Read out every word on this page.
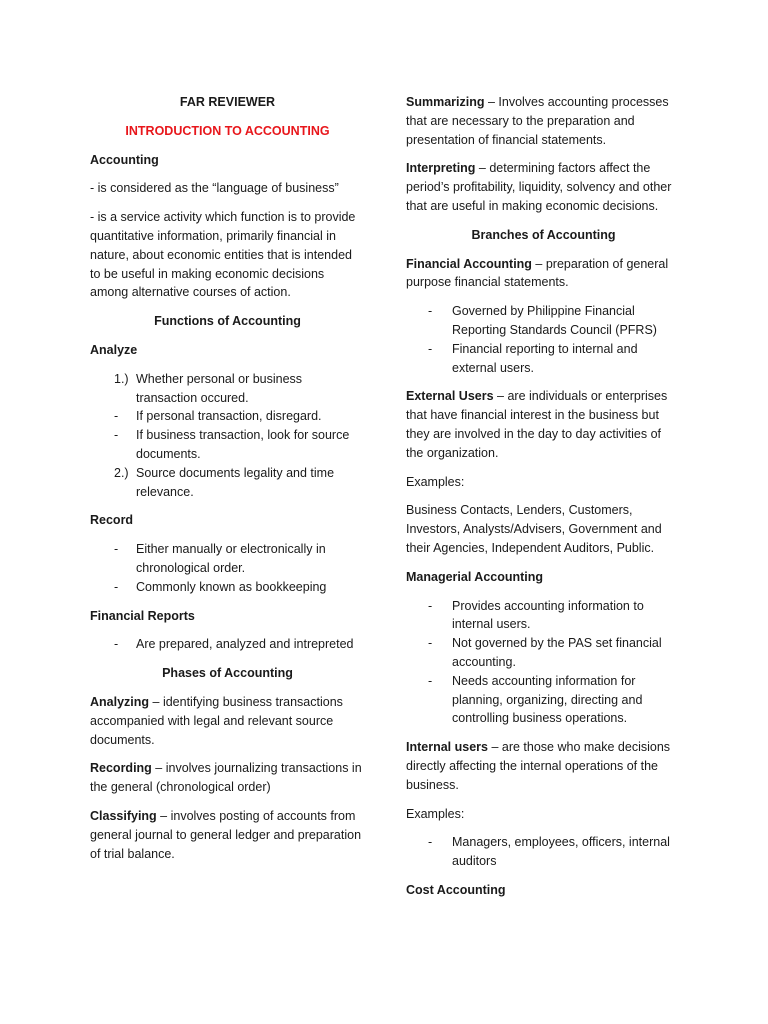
FAR REVIEWER

INTRODUCTION TO ACCOUNTING

Accounting

- is considered as the “language of business”

- is a service activity which function is to provide quantitative information, primarily financial in nature, about economic entities that is intended to be useful in making economic decisions among alternative courses of action.

Functions of Accounting

Analyze

1.) Whether personal or business transaction occured.
-	If personal transaction, disregard.
-	If business transaction, look for source documents.
2.) Source documents legality and time relevance.

Record

-	Either manually or electronically in chronological order.
-	Commonly known as bookkeeping

Financial Reports

-	Are prepared, analyzed and intrepreted

Phases of Accounting

Analyzing – identifying business transactions accompanied with legal and relevant source documents.

Recording – involves journalizing transactions in the general (chronological order)

Classifying – involves posting of accounts from general journal to general ledger and preparation of trial balance.

Summarizing – Involves accounting processes that are necessary to the preparation and presentation of financial statements.

Interpreting – determining factors affect the period’s profitability, liquidity, solvency and other that are useful in making economic decisions.

Branches of Accounting

Financial Accounting – preparation of general purpose financial statements.

-	Governed by Philippine Financial Reporting Standards Council (PFRS)
-	Financial reporting to internal and external users.

External Users – are individuals or enterprises that have financial interest in the business but they are involved in the day to day activities of the organization.

Examples:

Business Contacts, Lenders, Customers, Investors, Analysts/Advisers, Government and their Agencies, Independent Auditors, Public.

Managerial Accounting

-	Provides accounting information to internal users.
-	Not governed by the PAS set financial accounting.
-	Needs accounting information for planning, organizing, directing and controlling business operations.

Internal users – are those who make decisions directly affecting the internal operations of the business.

Examples:

-	Managers, employees, officers, internal auditors

Cost Accounting
